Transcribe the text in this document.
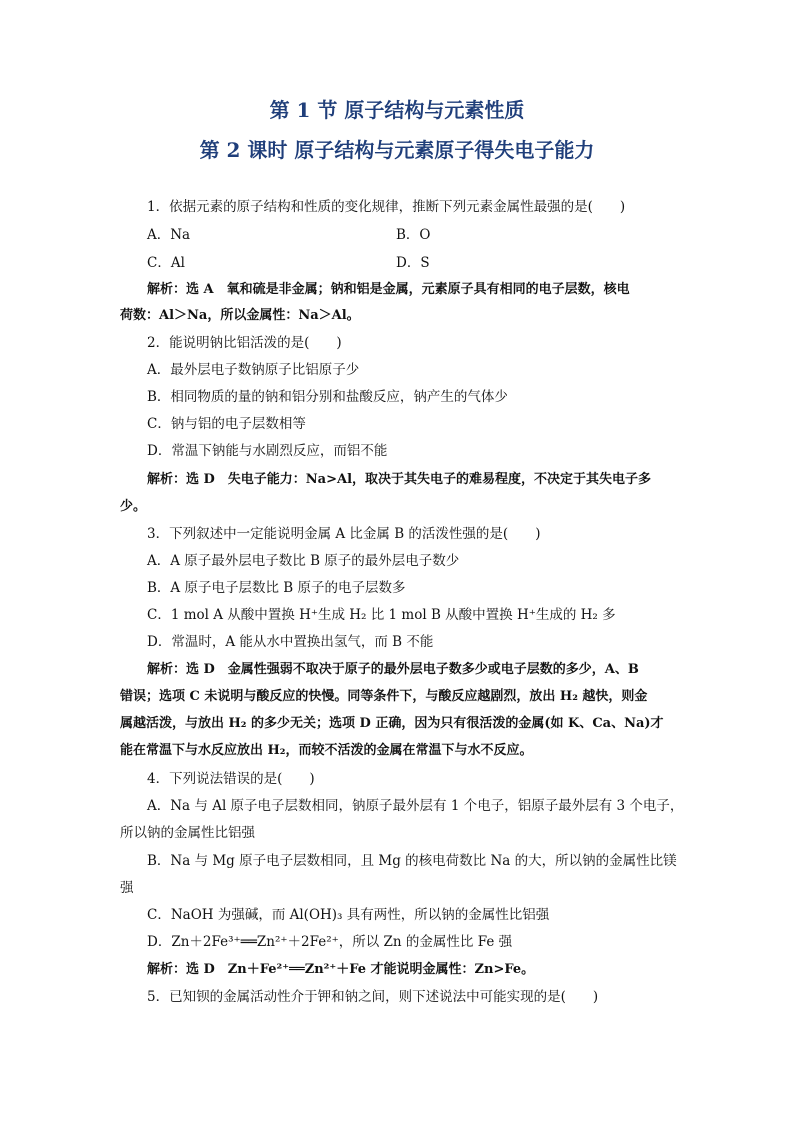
第 1 节 原子结构与元素性质
第 2 课时 原子结构与元素原子得失电子能力
1．依据元素的原子结构和性质的变化规律，推断下列元素金属性最强的是(　　)
A．Na	B．O
C．Al	D．S
解析：选 A　氧和硫是非金属；钠和铝是金属，元素原子具有相同的电子层数，核电
荷数：Al＞Na，所以金属性：Na＞Al。
2．能说明钠比铝活泼的是(　　)
A．最外层电子数钠原子比铝原子少
B．相同物质的量的钠和铝分别和盐酸反应，钠产生的气体少
C．钠与铝的电子层数相等
D．常温下钠能与水剧烈反应，而铝不能
解析：选 D　失电子能力：Na>Al，取决于其失电子的难易程度，不决定于其失电子多
少。
3．下列叙述中一定能说明金属 A 比金属 B 的活泼性强的是(　　)
A．A 原子最外层电子数比 B 原子的最外层电子数少
B．A 原子电子层数比 B 原子的电子层数多
C．1 mol A 从酸中置换 H⁺生成 H₂ 比 1 mol B 从酸中置换 H⁺生成的 H₂ 多
D．常温时，A 能从水中置换出氢气，而 B 不能
解析：选 D　金属性强弱不取决于原子的最外层电子数多少或电子层数的多少，A、B
错误；选项 C 未说明与酸反应的快慢。同等条件下，与酸反应越剧烈，放出 H₂ 越快，则金
属越活泼，与放出 H₂ 的多少无关；选项 D 正确，因为只有很活泼的金属(如 K、Ca、Na)才
能在常温下与水反应放出 H₂，而较不活泼的金属在常温下与水不反应。
4．下列说法错误的是(　　)
A．Na 与 Al 原子电子层数相同，钠原子最外层有 1 个电子，铝原子最外层有 3 个电子，
所以钠的金属性比铝强
B．Na 与 Mg 原子电子层数相同，且 Mg 的核电荷数比 Na 的大，所以钠的金属性比镁
强
C．NaOH 为强碱，而 Al(OH)₃ 具有两性，所以钠的金属性比铝强
D．Zn＋2Fe³⁺══Zn²⁺＋2Fe²⁺，所以 Zn 的金属性比 Fe 强
解析：选 D　Zn＋Fe²⁺══Zn²⁺＋Fe 才能说明金属性：Zn>Fe。
5．已知钡的金属活动性介于钾和钠之间，则下述说法中可能实现的是(　　)
